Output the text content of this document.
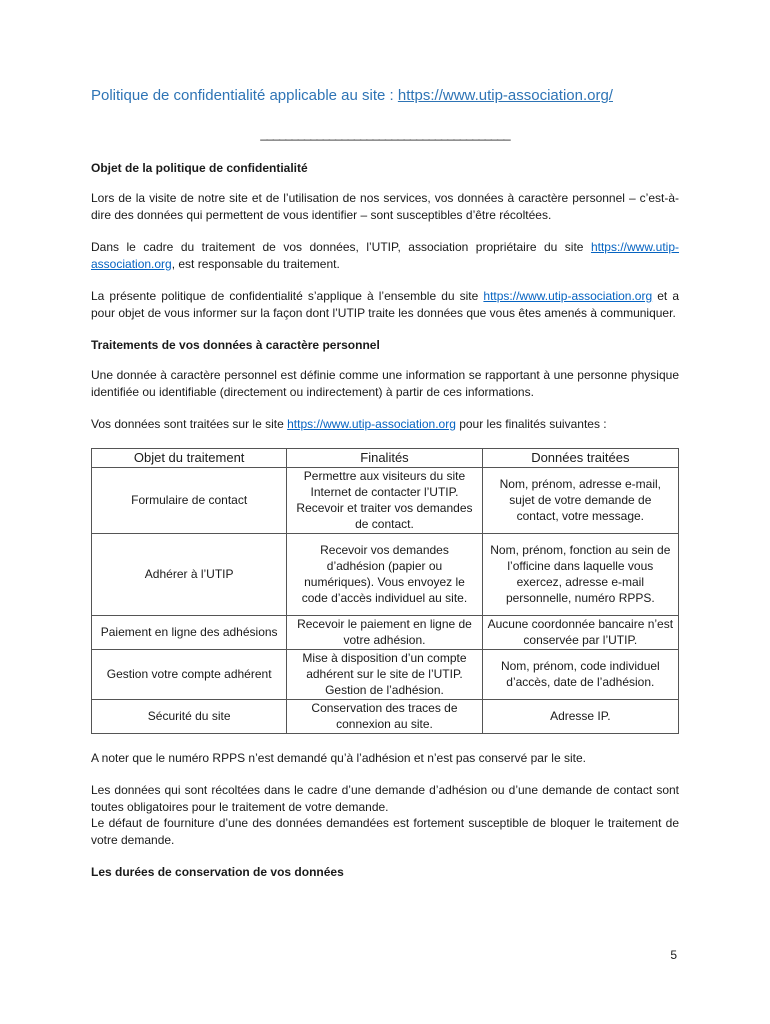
Politique de confidentialité applicable au site : https://www.utip-association.org/
________________________________________
Objet de la politique de confidentialité

Lors de la visite de notre site et de l’utilisation de nos services, vos données à caractère personnel – c’est-à-dire des données qui permettent de vous identifier – sont susceptibles d’être récoltées.

Dans le cadre du traitement de vos données, l’UTIP, association propriétaire du site https://www.utip-association.org, est responsable du traitement.

La présente politique de confidentialité s’applique à l’ensemble du site https://www.utip-association.org et a pour objet de vous informer sur la façon dont l’UTIP traite les données que vous êtes amenés à communiquer.

Traitements de vos données à caractère personnel

Une donnée à caractère personnel est définie comme une information se rapportant à une personne physique identifiée ou identifiable (directement ou indirectement) à partir de ces informations.

Vos données sont traitées sur le site https://www.utip-association.org pour les finalités suivantes :

Objet du traitement	Finalités	Données traitées
Formulaire de contact	Permettre aux visiteurs du site Internet de contacter l’UTIP. Recevoir et traiter vos demandes de contact.	Nom, prénom, adresse e-mail, sujet de votre demande de contact, votre message.
Adhérer à l’UTIP	Recevoir vos demandes d’adhésion (papier ou numériques). Vous envoyez le code d’accès individuel au site.	Nom, prénom, fonction au sein de l’officine dans laquelle vous exercez, adresse e-mail personnelle, numéro RPPS.
Paiement en ligne des adhésions	Recevoir le paiement en ligne de votre adhésion.	Aucune coordonnée bancaire n’est conservée par l’UTIP.
Gestion votre compte adhérent	Mise à disposition d’un compte adhérent sur le site de l’UTIP. Gestion de l’adhésion.	Nom, prénom, code individuel d’accès, date de l’adhésion.
Sécurité du site	Conservation des traces de connexion au site.	Adresse IP.

A noter que le numéro RPPS n’est demandé qu’à l’adhésion et n’est pas conservé par le site.

Les données qui sont récoltées dans le cadre d’une demande d’adhésion ou d’une demande de contact sont toutes obligatoires pour le traitement de votre demande.

Le défaut de fourniture d’une des données demandées est fortement susceptible de bloquer le traitement de votre demande.

Les durées de conservation de vos données
5
